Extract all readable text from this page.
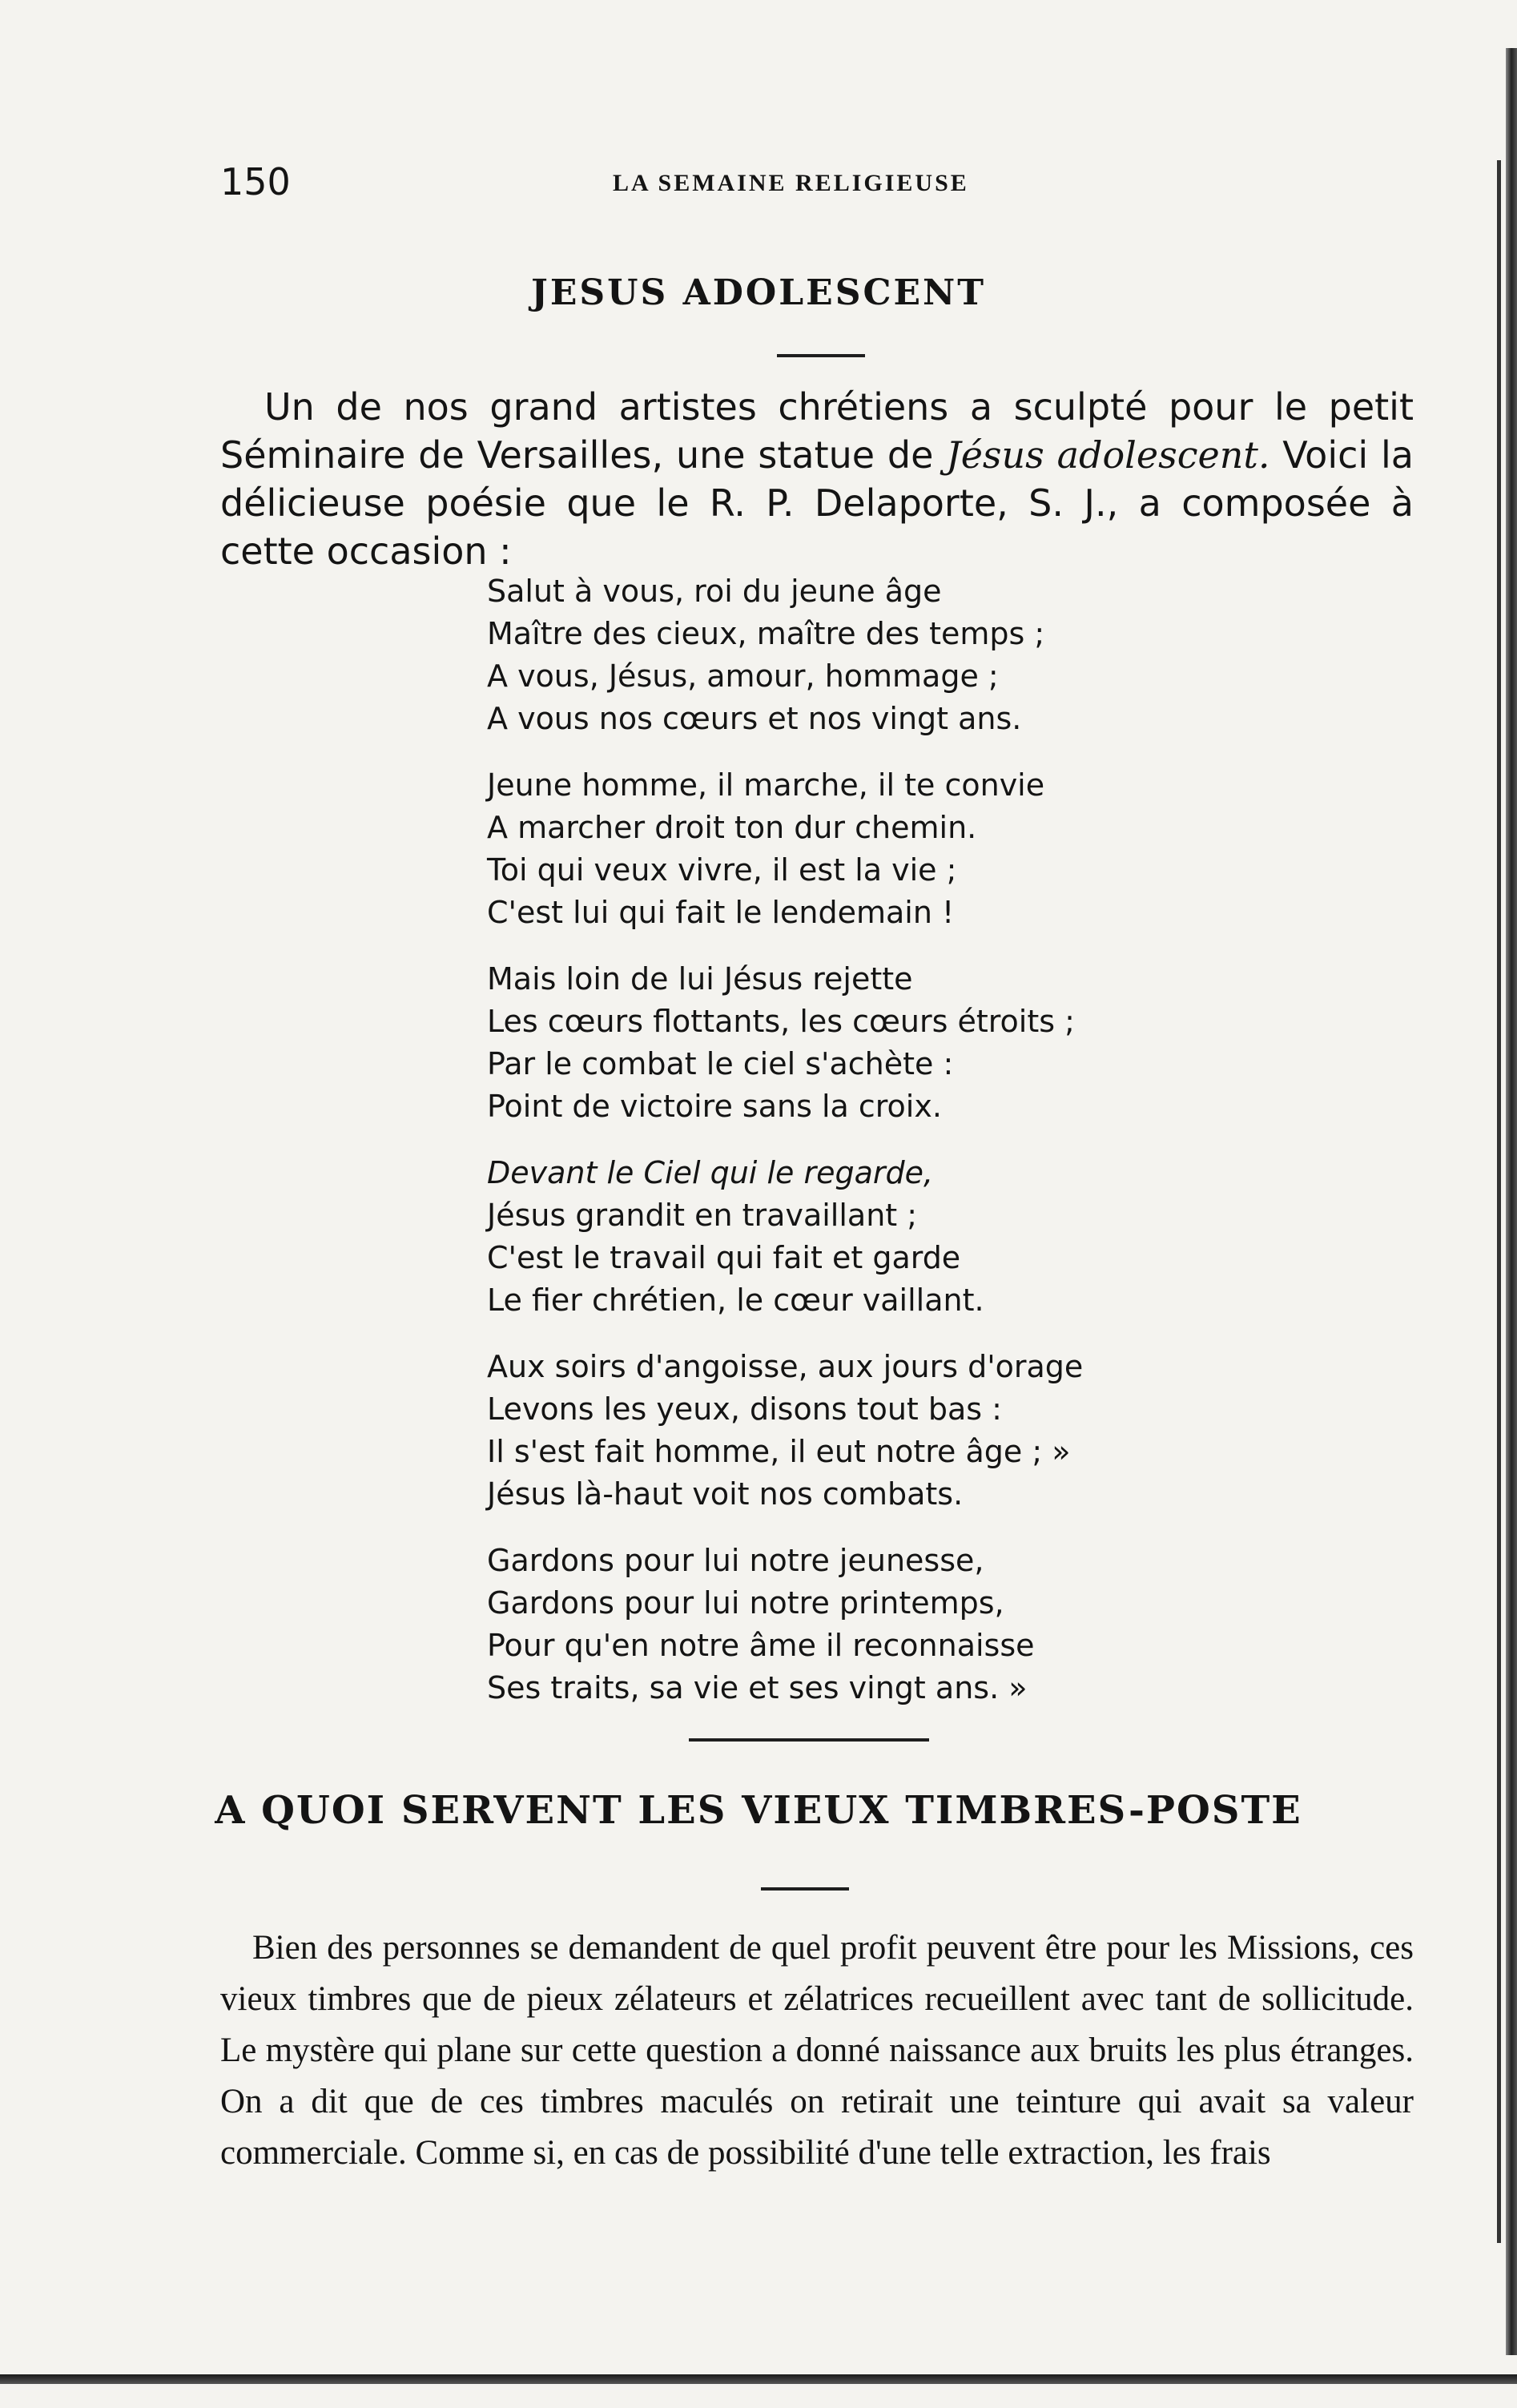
150	LA SEMAINE RELIGIEUSE
JESUS ADOLESCENT

Un de nos grand artistes chrétiens a sculpté pour le petit Séminaire de Versailles, une statue de Jésus adolescent. Voici la délicieuse poésie que le R. P. Delaporte, S. J., a composée à cette occasion :

Salut à vous, roi du jeune âge
Maître des cieux, maître des temps ;
A vous, Jésus, amour, hommage ;
A vous nos cœurs et nos vingt ans.
Jeune homme, il marche, il te convie
A marcher droit ton dur chemin.
Toi qui veux vivre, il est la vie ;
C'est lui qui fait le lendemain !
Mais loin de lui Jésus rejette
Les cœurs flottants, les cœurs étroits ;
Par le combat le ciel s'achète :
Point de victoire sans la croix.
Devant le Ciel qui le regarde,
Jésus grandit en travaillant ;
C'est le travail qui fait et garde
Le fier chrétien, le cœur vaillant.
Aux soirs d'angoisse, aux jours d'orage
Levons les yeux, disons tout bas :
Il s'est fait homme, il eut notre âge ; »
Jésus là-haut voit nos combats.
Gardons pour lui notre jeunesse,
Gardons pour lui notre printemps,
Pour qu'en notre âme il reconnaisse
Ses traits, sa vie et ses vingt ans. »
A QUOI SERVENT LES VIEUX TIMBRES-POSTE
Bien des personnes se demandent de quel profit peuvent être pour les Missions, ces vieux timbres que de pieux zélateurs et zélatrices recueillent avec tant de sollicitude. Le mystère qui plane sur cette question a donné naissance aux bruits les plus étranges. On a dit que de ces timbres maculés on retirait une teinture qui avait sa valeur commerciale. Comme si, en cas de possibilité d'une telle extraction, les frais
